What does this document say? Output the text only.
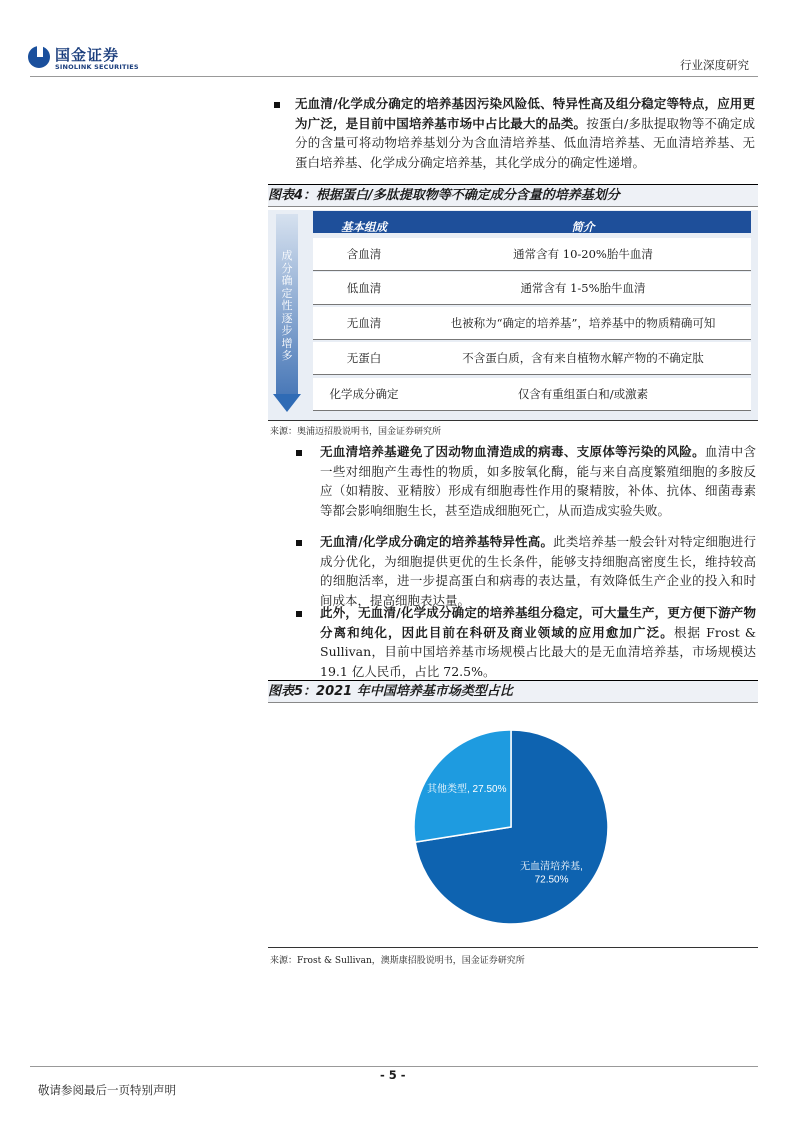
国金证券
SINOLINK SECURITIES	行业深度研究
无血清/化学成分确定的培养基因污染风险低、特异性高及组分稳定等特点，应用更为广泛，是目前中国培养基市场中占比最大的品类。按蛋白/多肽提取物等不确定成分的含量可将动物培养基划分为含血清培养基、低血清培养基、无血清培养基、无蛋白培养基、化学成分确定培养基，其化学成分的确定性递增。
图表4：根据蛋白/多肽提取物等不确定成分含量的培养基划分
成分确定性逐步增多
基本组成	简介
含血清	通常含有 10-20%胎牛血清
低血清	通常含有 1-5%胎牛血清
无血清	也被称为“确定的培养基”，培养基中的物质精确可知
无蛋白	不含蛋白质，含有来自植物水解产物的不确定肽
化学成分确定	仅含有重组蛋白和/或激素
来源：奥浦迈招股说明书，国金证券研究所
无血清培养基避免了因动物血清造成的病毒、支原体等污染的风险。血清中含一些对细胞产生毒性的物质，如多胺氧化酶，能与来自高度繁殖细胞的多胺反应（如精胺、亚精胺）形成有细胞毒性作用的聚精胺，补体、抗体、细菌毒素等都会影响细胞生长，甚至造成细胞死亡，从而造成实验失败。
无血清/化学成分确定的培养基特异性高。此类培养基一般会针对特定细胞进行成分优化，为细胞提供更优的生长条件，能够支持细胞高密度生长，维持较高的细胞活率，进一步提高蛋白和病毒的表达量，有效降低生产企业的投入和时间成本，提高细胞表达量。
此外，无血清/化学成分确定的培养基组分稳定，可大量生产，更方便下游产物分离和纯化，因此目前在科研及商业领域的应用愈加广泛。根据 Frost & Sullivan，目前中国培养基市场规模占比最大的是无血清培养基，市场规模达 19.1 亿人民币，占比 72.5%。
图表5：2021 年中国培养基市场类型占比
无血清培养基, 72.50%
其他类型, 27.50%
来源：Frost & Sullivan，澳斯康招股说明书，国金证券研究所
- 5 -
敬请参阅最后一页特别声明
